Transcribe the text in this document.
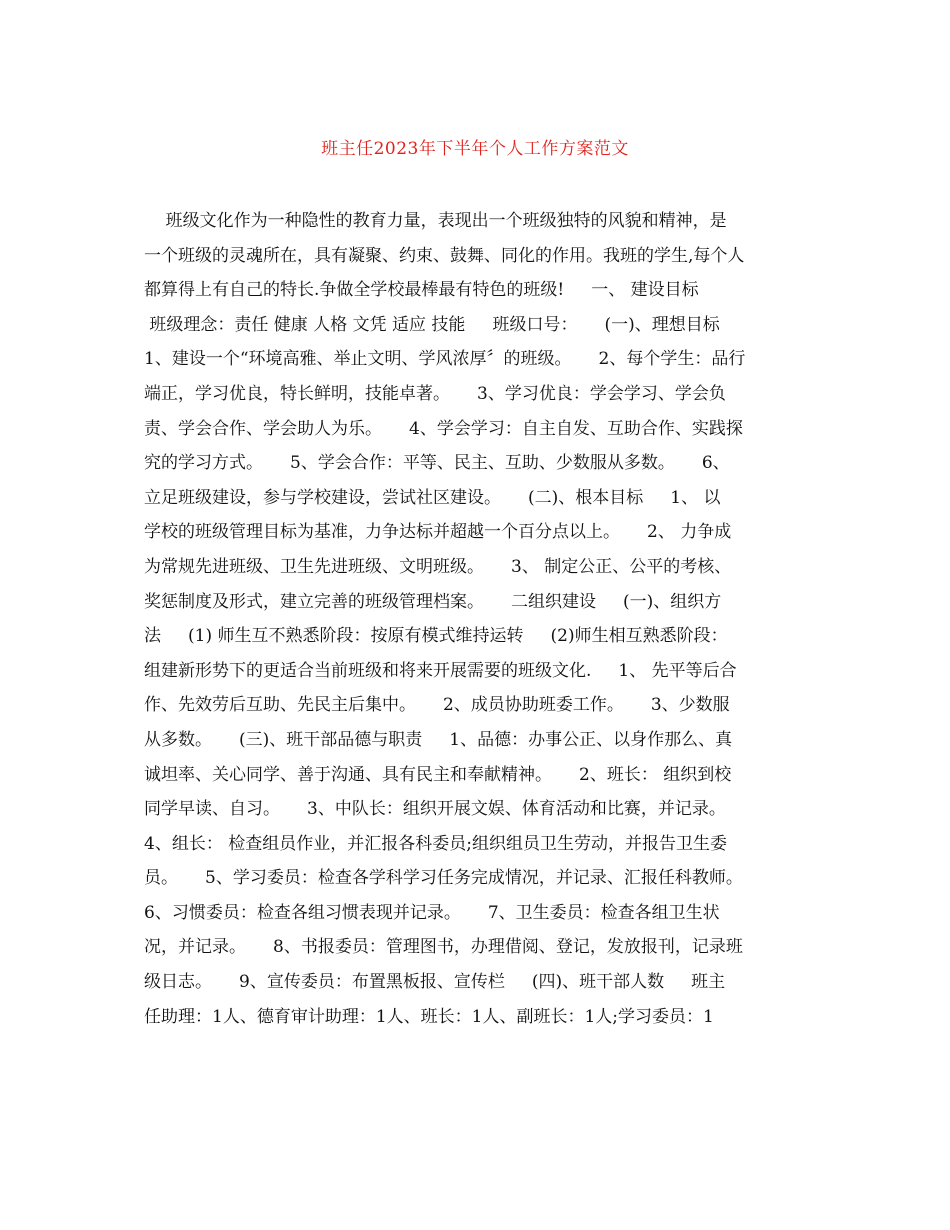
班主任2023年下半年个人工作方案范文
班级文化作为一种隐性的教育力量，表现出一个班级独特的风貌和精神，是
一个班级的灵魂所在，具有凝聚、约束、鼓舞、同化的作用。我班的学生,每个人
都算得上有自己的特长.争做全学校最棒最有特色的班级!     一、 建设目标
班级理念：责任 健康 人格 文凭 适应 技能     班级口号：     (一)、理想目标
1、建设一个“环境高雅、举止文明、学风浓厚〞的班级。     2、每个学生：品行
端正，学习优良，特长鲜明，技能卓著。     3、学习优良：学会学习、学会负
责、学会合作、学会助人为乐。     4、学会学习：自主自发、互助合作、实践探
究的学习方式。     5、学会合作：平等、民主、互助、少数服从多数。     6、
立足班级建设，参与学校建设，尝试社区建设。     (二)、根本目标     1、 以
学校的班级管理目标为基准，力争达标并超越一个百分点以上。     2、 力争成
为常规先进班级、卫生先进班级、文明班级。     3、 制定公正、公平的考核、
奖惩制度及形式，建立完善的班级管理档案。     二组织建设     (一)、组织方
法     (1) 师生互不熟悉阶段：按原有模式维持运转     (2)师生相互熟悉阶段：
组建新形势下的更适合当前班级和将来开展需要的班级文化.     1、 先平等后合
作、先效劳后互助、先民主后集中。     2、成员协助班委工作。     3、少数服
从多数。     (三)、班干部品德与职责     1、品德：办事公正、以身作那么、真
诚坦率、关心同学、善于沟通、具有民主和奉献精神。     2、班长： 组织到校
同学早读、自习。     3、中队长：组织开展文娱、体育活动和比赛，并记录。
4、组长： 检查组员作业，并汇报各科委员;组织组员卫生劳动，并报告卫生委
员。     5、学习委员：检查各学科学习任务完成情况，并记录、汇报任科教师。
6、习惯委员：检查各组习惯表现并记录。     7、卫生委员：检查各组卫生状
况，并记录。     8、书报委员：管理图书，办理借阅、登记，发放报刊，记录班
级日志。     9、宣传委员：布置黑板报、宣传栏     (四)、班干部人数     班主
任助理：1人、德育审计助理：1人、班长：1人、副班长：1人;学习委员：1
